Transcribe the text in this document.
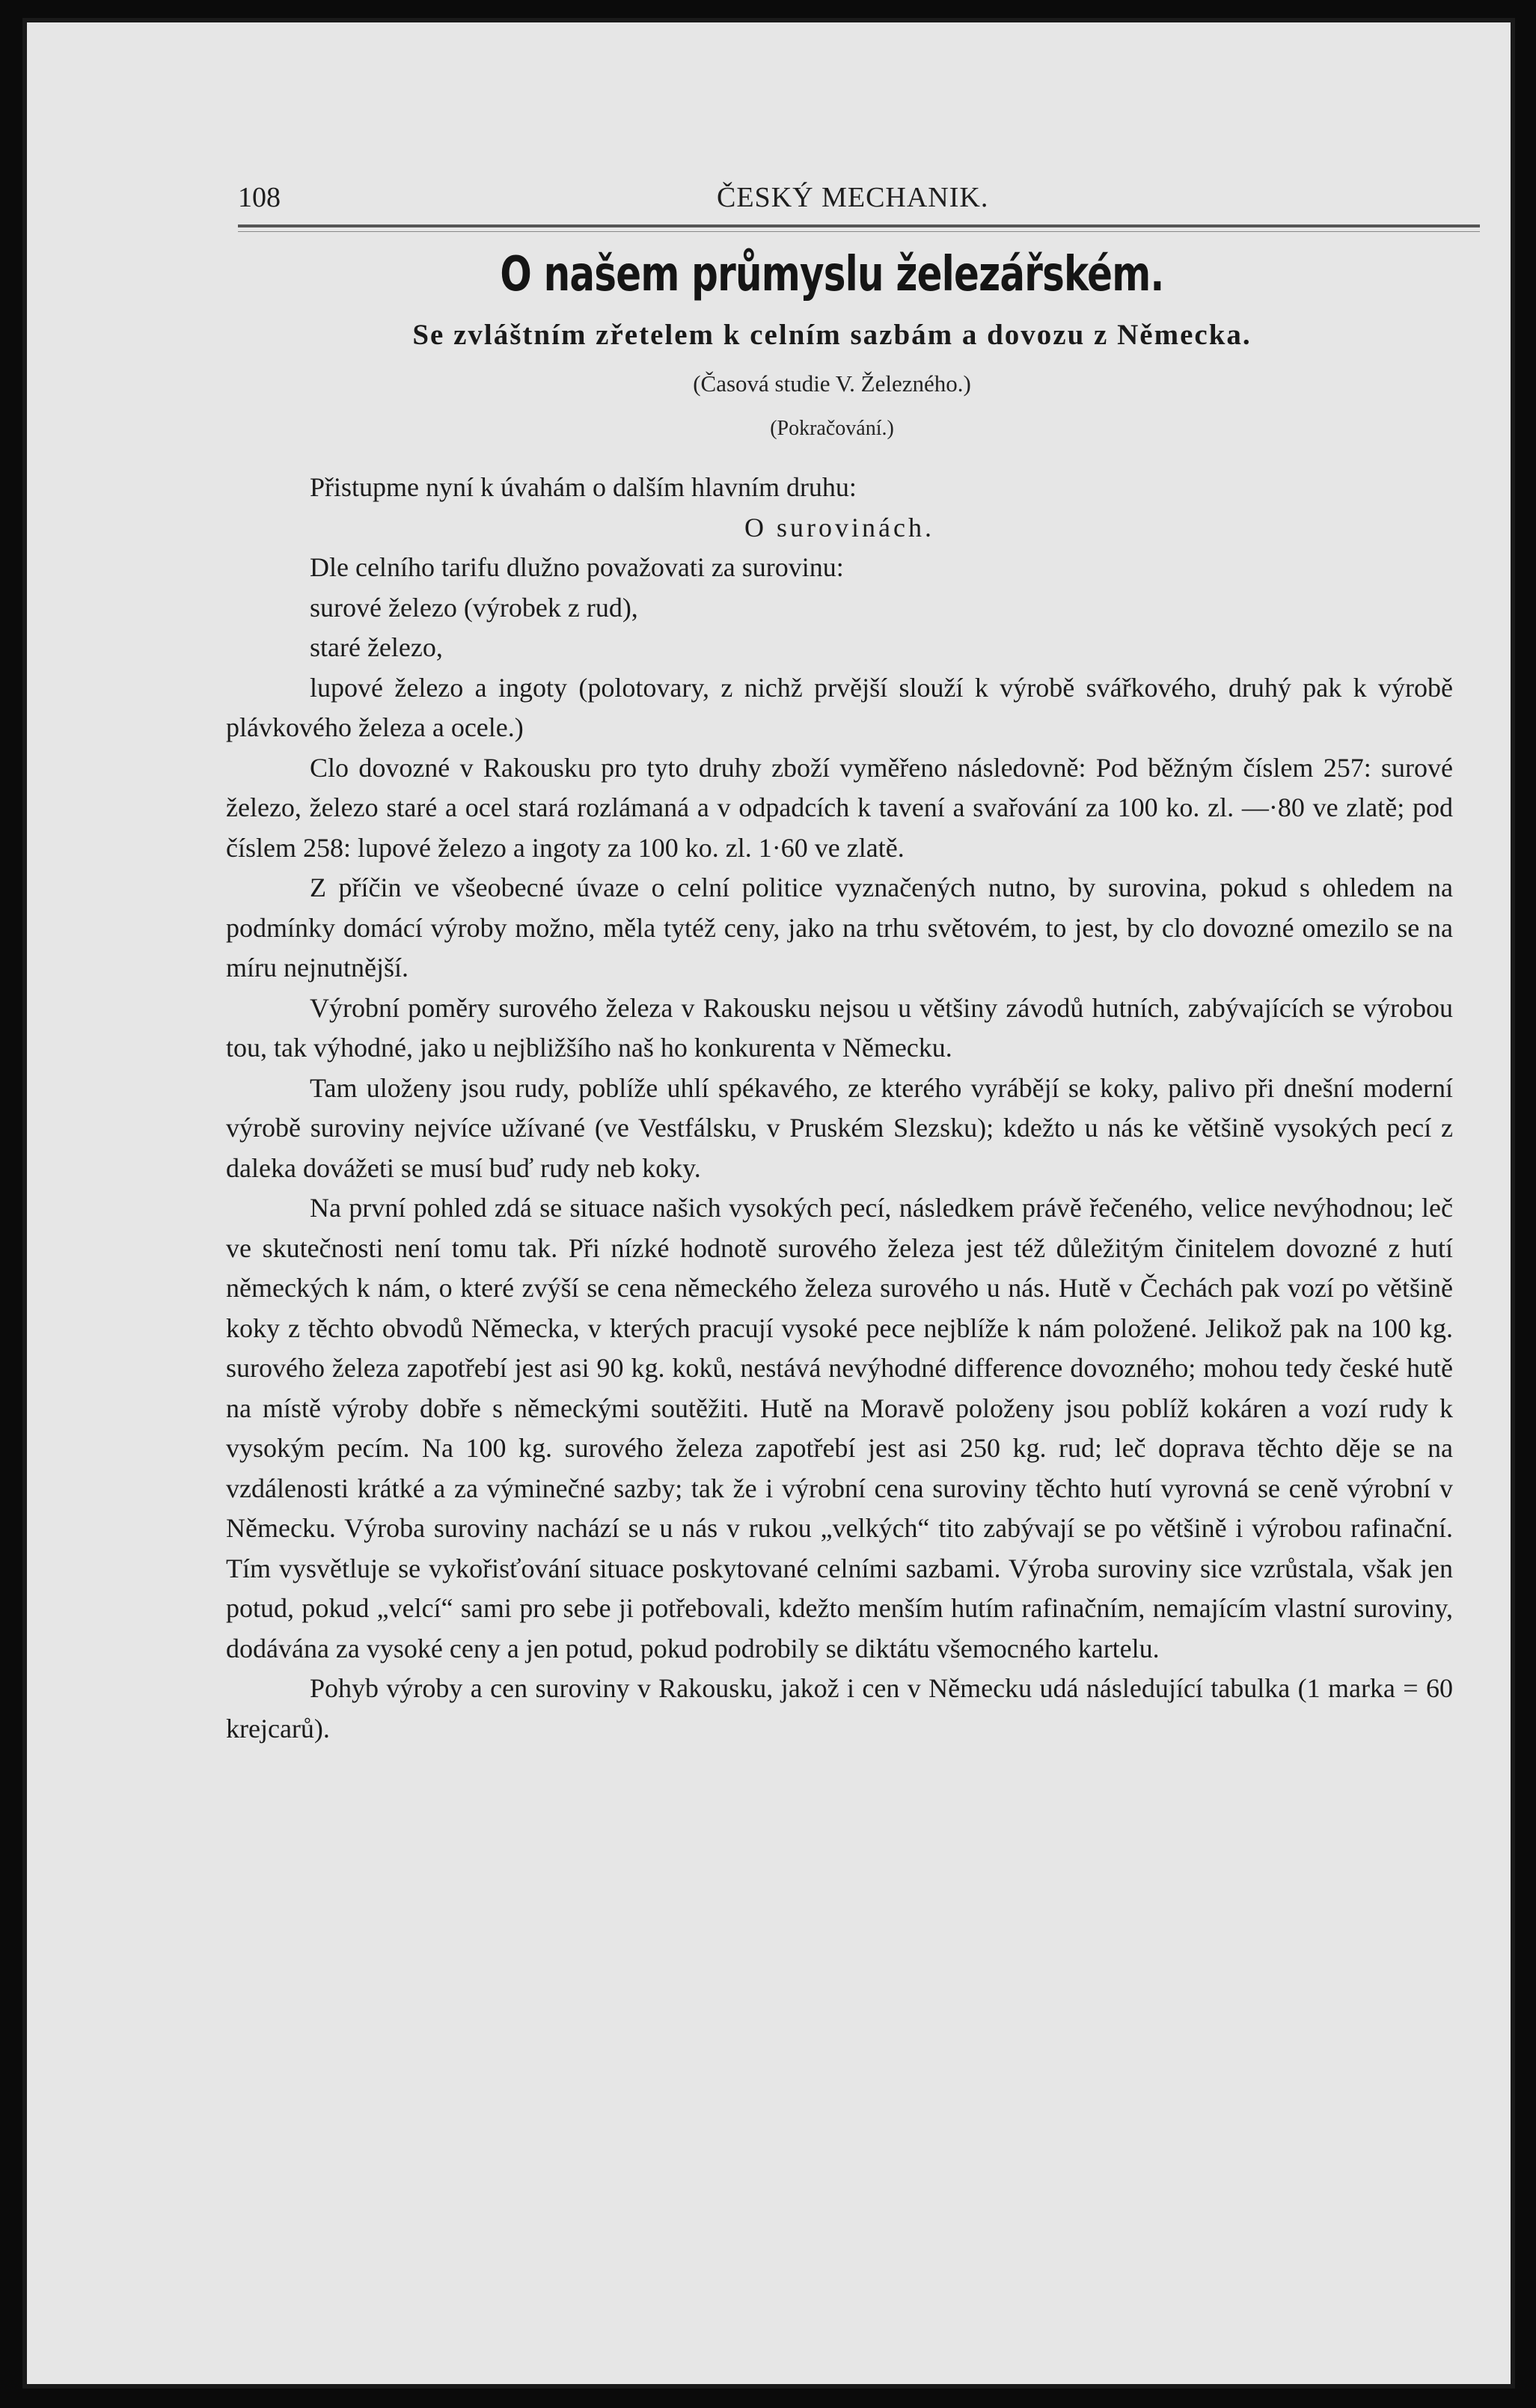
108	ČESKÝ MECHANIK.
O našem průmyslu železářském.
Se zvláštním zřetelem k celním sazbám a dovozu z Německa.
(Časová studie V. Železného.)
(Pokračování.)

Přistupme nyní k úvahám o dalším hlavním druhu:

O surovinách.

Dle celního tarifu dlužno považovati za surovinu:

surové železo (výrobek z rud),

staré železo,

lupové železo a ingoty (polotovary, z nichž prvější slouží k výrobě svářkového, druhý pak k výrobě plávkového železa a ocele.)

Clo dovozné v Rakousku pro tyto druhy zboží vyměřeno následovně: Pod běžným číslem 257: surové železo, železo staré a ocel stará rozlámaná a v odpadcích k tavení a svařování za 100 ko. zl. —·80 ve zlatě; pod číslem 258: lupové železo a ingoty za 100 ko. zl. 1·60 ve zlatě.

Z příčin ve všeobecné úvaze o celní politice vyznačených nutno, by surovina, pokud s ohledem na podmínky domácí výroby možno, měla tytéž ceny, jako na trhu světovém, to jest, by clo dovozné omezilo se na míru nejnutnější.

Výrobní poměry surového železa v Rakousku nejsou u většiny závodů hutních, zabývajících se výrobou tou, tak výhodné, jako u nejbližšího naš ho konkurenta v Německu.

Tam uloženy jsou rudy, poblíže uhlí spékavého, ze kterého vyrábějí se koky, palivo při dnešní moderní výrobě suroviny nejvíce užívané (ve Vestfálsku, v Pruském Slezsku); kdežto u nás ke většině vysokých pecí z daleka dovážeti se musí buď rudy neb koky.

Na první pohled zdá se situace našich vysokých pecí, následkem právě řečeného, velice nevýhodnou; leč ve skutečnosti není tomu tak. Při nízké hodnotě surového železa jest též důležitým činitelem dovozné z hutí německých k nám, o které zvýší se cena německého železa surového u nás. Hutě v Čechách pak vozí po většině koky z těchto obvodů Německa, v kterých pracují vysoké pece nejblíže k nám položené. Jelikož pak na 100 kg. surového železa zapotřebí jest asi 90 kg. koků, nestává nevýhodné difference dovozného; mohou tedy české hutě na místě výroby dobře s německými soutěžiti. Hutě na Moravě položeny jsou poblíž kokáren a vozí rudy k vysokým pecím. Na 100 kg. surového železa zapotřebí jest asi 250 kg. rud; leč doprava těchto děje se na vzdálenosti krátké a za výminečné sazby; tak že i výrobní cena suroviny těchto hutí vyrovná se ceně výrobní v Německu. Výroba suroviny nachází se u nás v rukou „velkých“ tito zabývají se po většině i výrobou rafinační. Tím vysvětluje se vykořisťování situace poskytované celními sazbami. Výroba suroviny sice vzrůstala, však jen potud, pokud „velcí“ sami pro sebe ji potřebovali, kdežto menším hutím rafinačním, nemajícím vlastní suroviny, dodávána za vysoké ceny a jen potud, pokud podrobily se diktátu všemocného kartelu.

Pohyb výroby a cen suroviny v Rakousku, jakož i cen v Německu udá následující tabulka (1 marka = 60 krejcarů).
